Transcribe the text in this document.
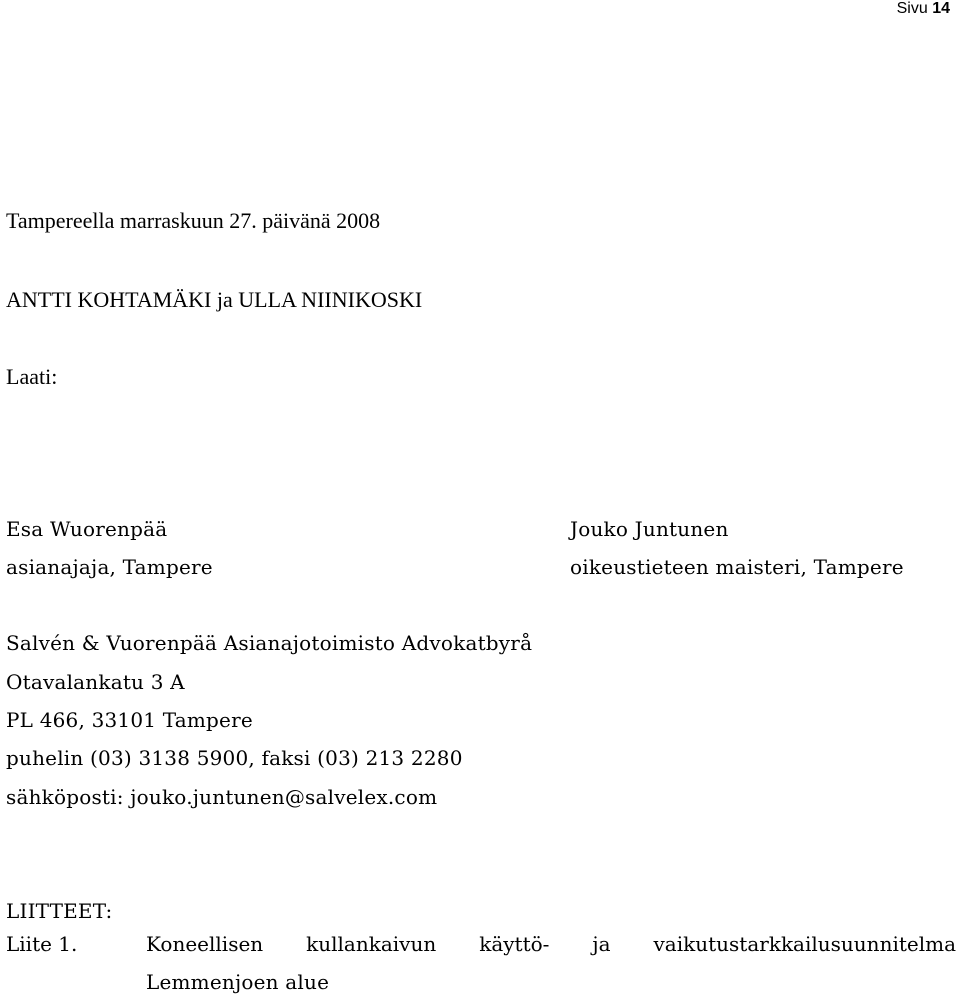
Sivu 14
Tampereella marraskuun 27. päivänä 2008
ANTTI KOHTAMÄKI ja ULLA NIINIKOSKI
Laati:
Esa Wuorenpää
asianajaja, Tampere
Jouko Juntunen
oikeustieteen maisteri, Tampere
Salvén & Vuorenpää Asianajotoimisto Advokatbyrå
Otavalankatu 3 A
PL 466, 33101 Tampere
puhelin (03) 3138 5900, faksi (03) 213 2280
sähköposti: jouko.juntunen@salvelex.com
LIITTEET:
Liite 1.	Koneellisen kullankaivun käyttö- ja vaikutustarkkailusuunnitelma
Lemmenjoen alue
